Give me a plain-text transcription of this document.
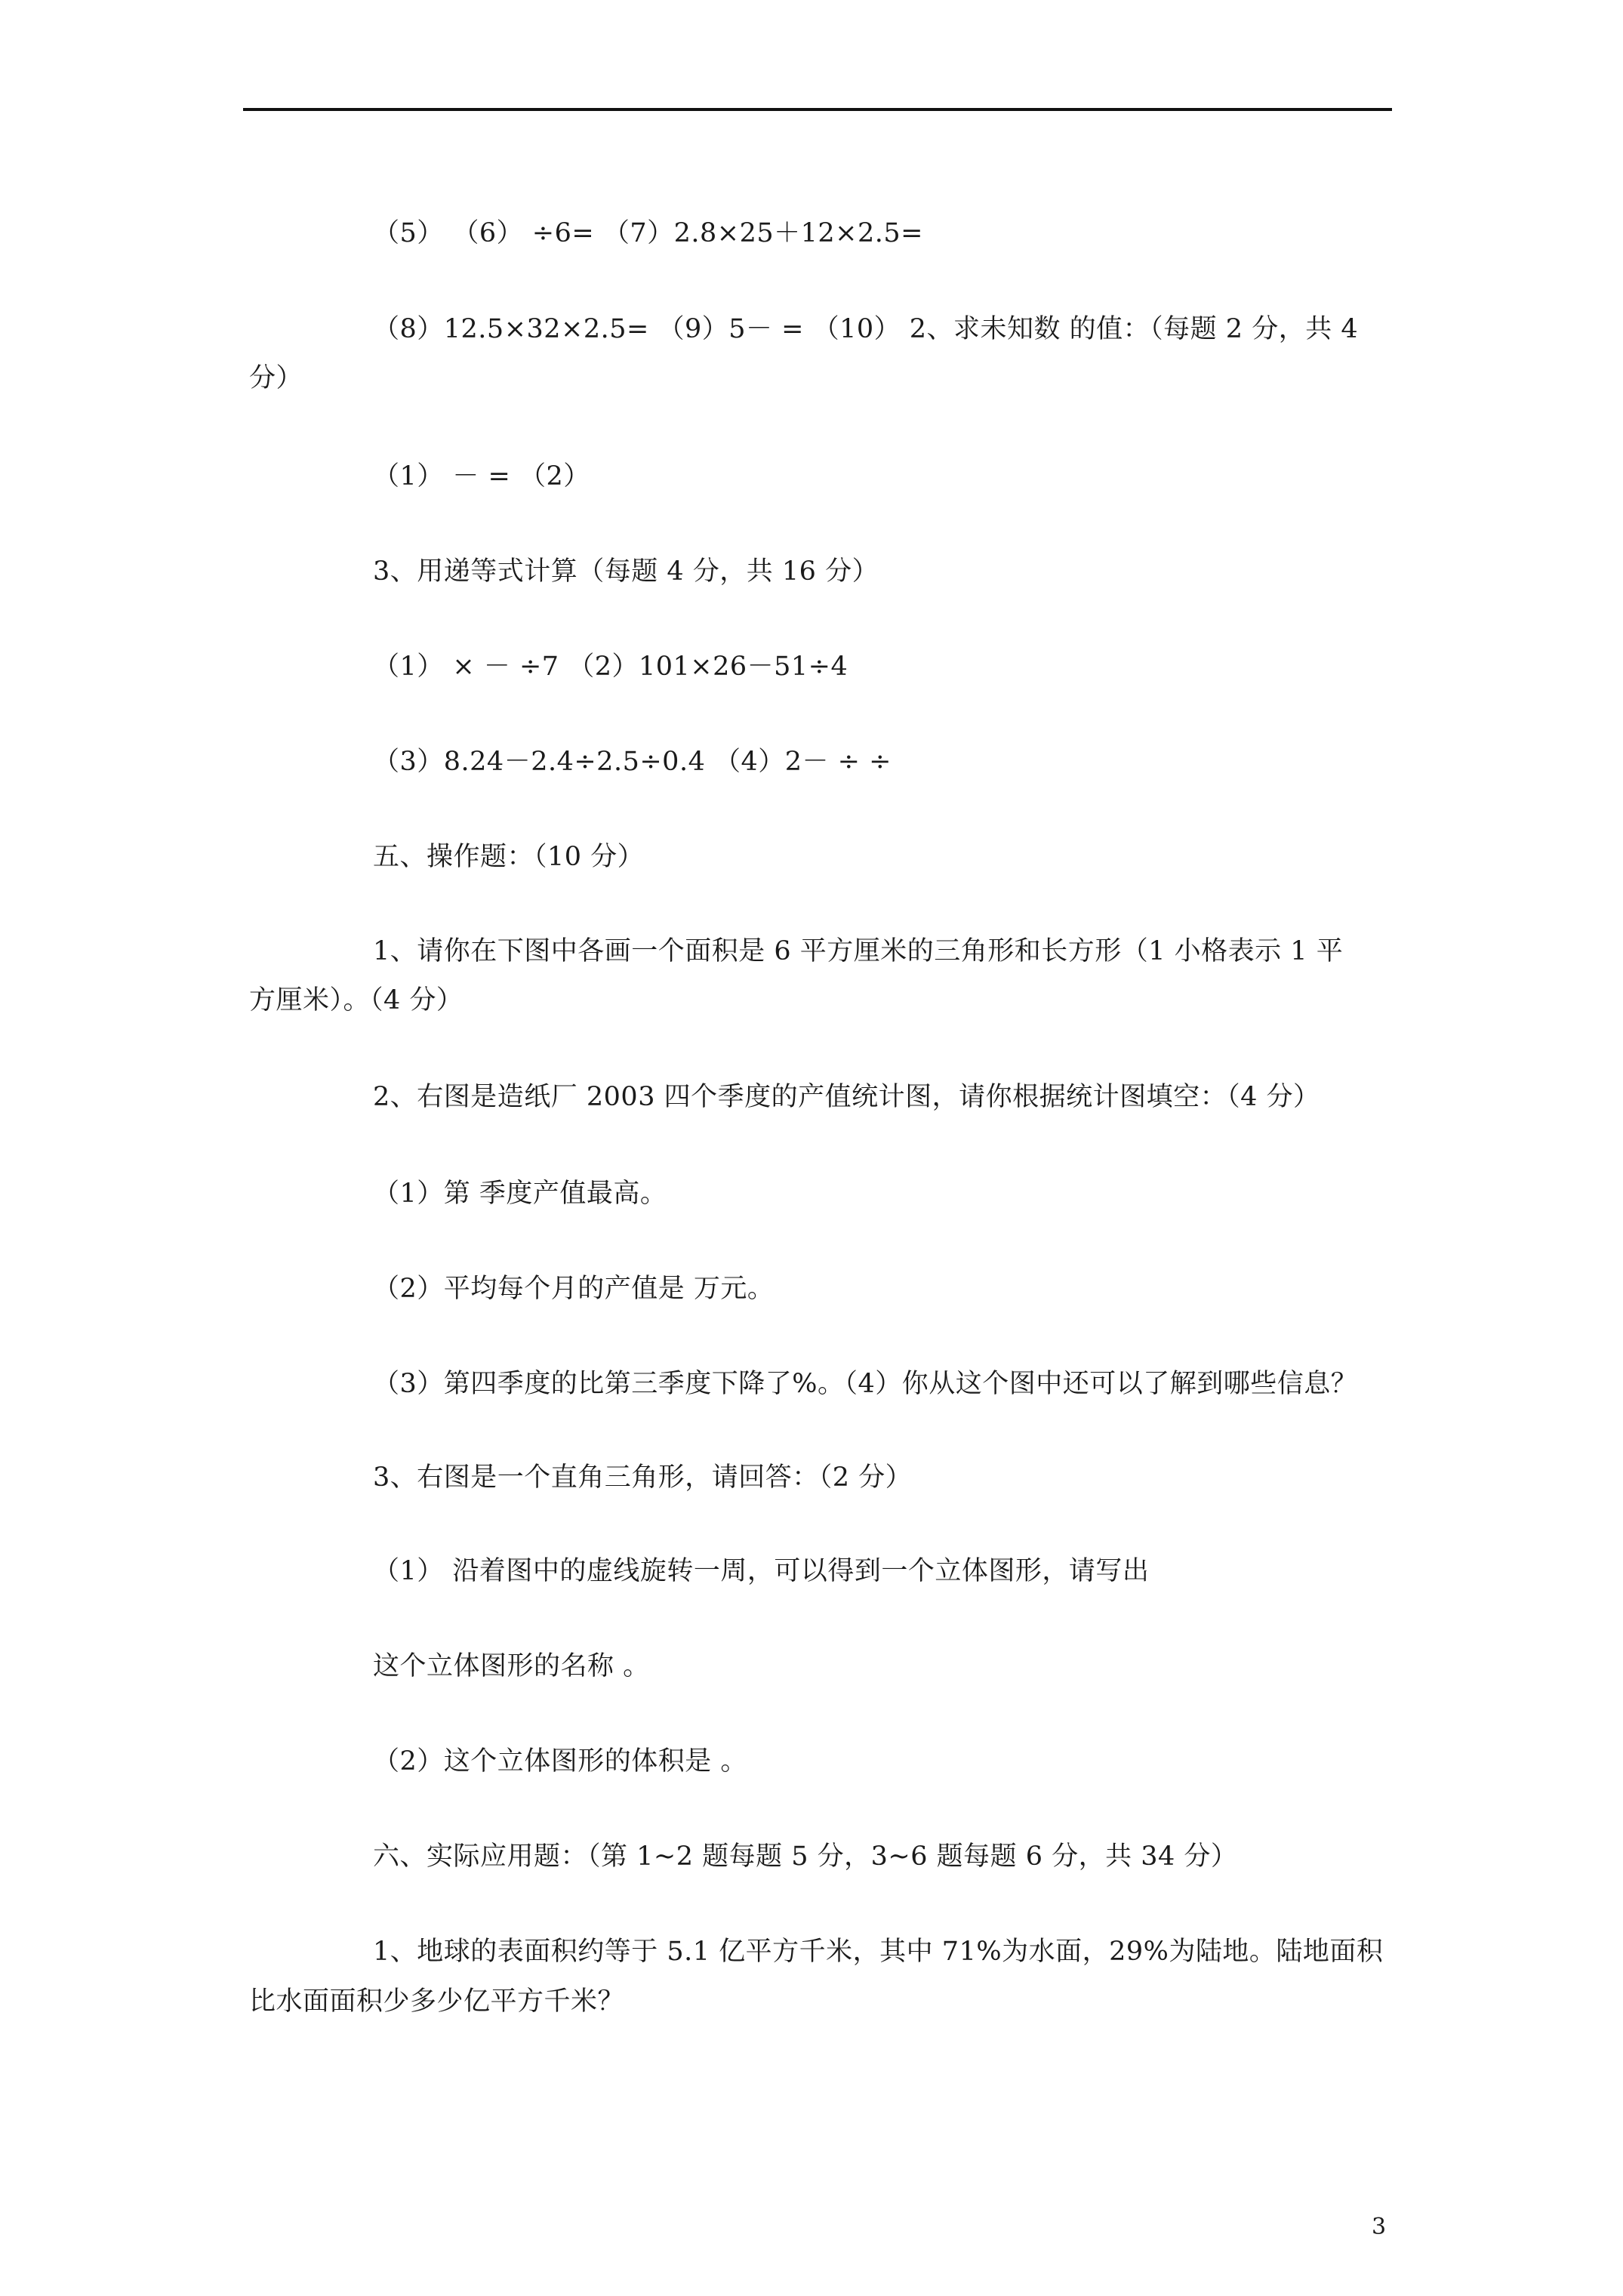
（5） （6） ÷6= （7）2.8×25＋12×2.5=
（8）12.5×32×2.5= （9）5－ = （10） 2、求未知数 的值：（每题 2 分，共 4
分）
（1） － = （2）
3、用递等式计算（每题 4 分，共 16 分）
（1） × － ÷7 （2）101×26－51÷4
（3）8.24－2.4÷2.5÷0.4 （4）2－ ÷ ÷
五、操作题：（10 分）
1、请你在下图中各画一个面积是 6 平方厘米的三角形和长方形（1 小格表示 1 平
方厘米）。（4 分）
2、右图是造纸厂 2003 四个季度的产值统计图，请你根据统计图填空：（4 分）
（1）第 季度产值最高。
（2）平均每个月的产值是 万元。
（3）第四季度的比第三季度下降了%。（4）你从这个图中还可以了解到哪些信息？
3、右图是一个直角三角形，请回答：（2 分）
（1） 沿着图中的虚线旋转一周，可以得到一个立体图形，请写出
这个立体图形的名称 。
（2）这个立体图形的体积是 。
六、实际应用题：（第 1~2 题每题 5 分，3~6 题每题 6 分，共 34 分）
1、地球的表面积约等于 5.1 亿平方千米，其中 71%为水面，29%为陆地。陆地面积
比水面面积少多少亿平方千米？
3
